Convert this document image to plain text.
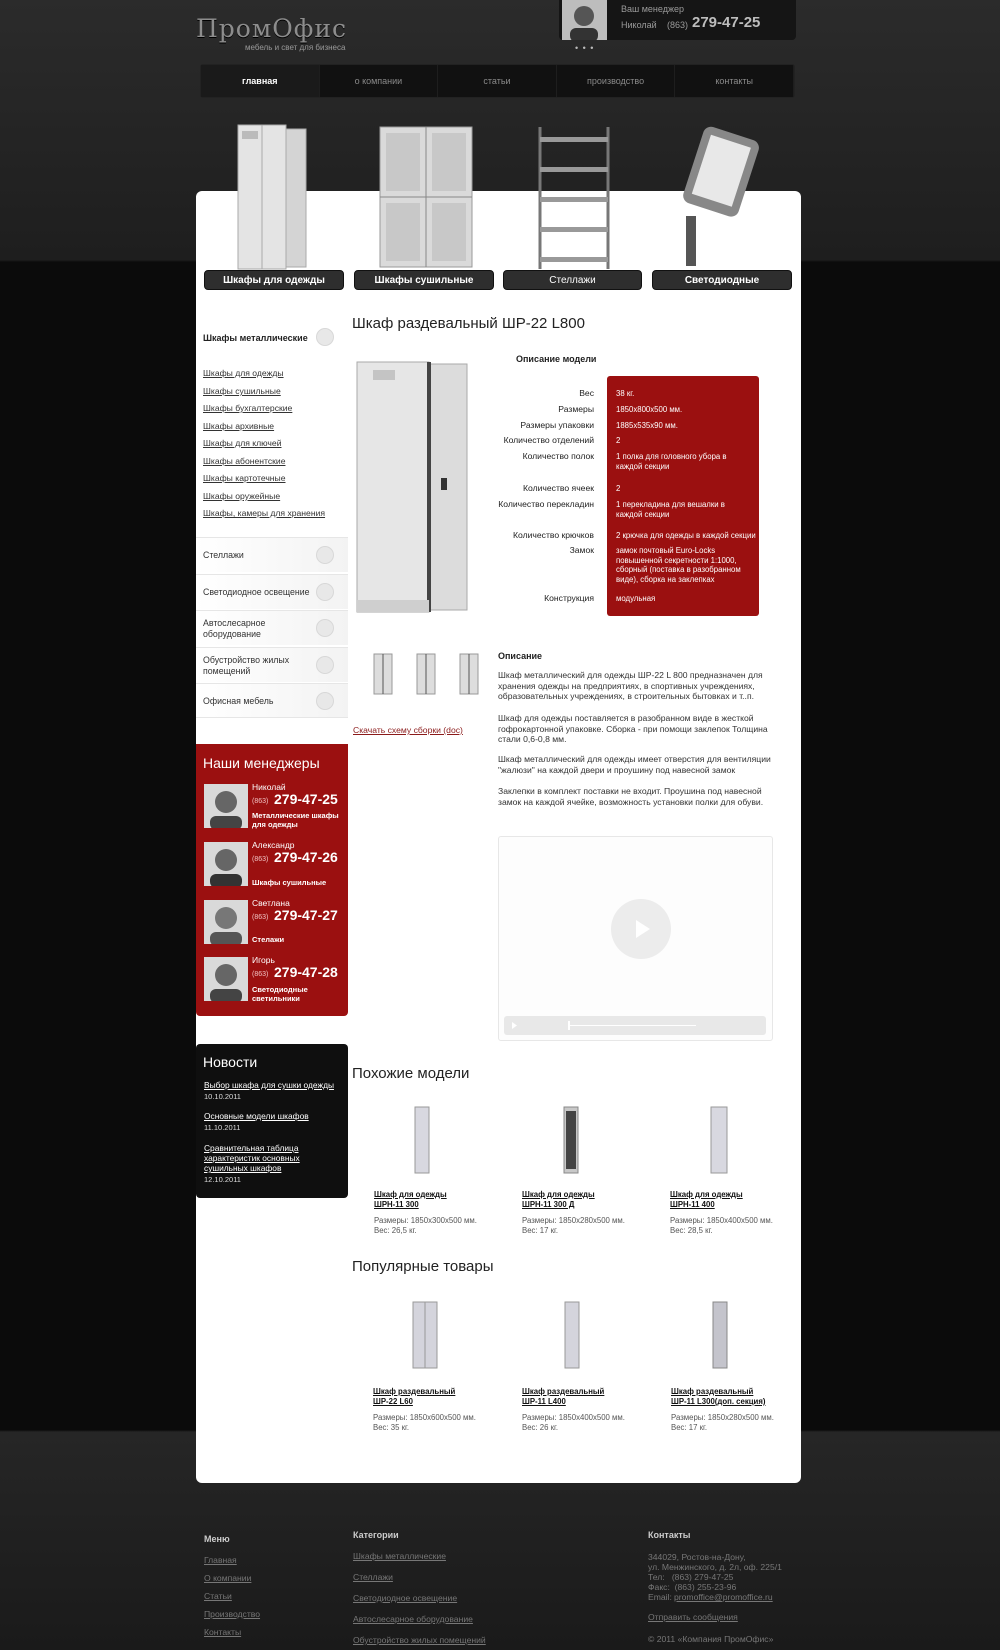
ПромОфис
мебель и свет для бизнеса	• • •
Ваш менеджер
Николай (863) 279-47-25
главная	о компании	статьи	производство	контакты
Шкафы для одежды	Шкафы сушильные	Стеллажи	Светодиодные светильники
Шкафы металлические
Шкафы для одежды
Шкафы сушильные
Шкафы бухгалтерские
Шкафы архивные
Шкафы для ключей
Шкафы абонентские
Шкафы картотечные
Шкафы оружейные
Шкафы, камеры для хранения
Стеллажи
Светодиодное освещение
Автослесарное оборудование
Обустройство жилых помещений
Офисная мебель
Наши менеджеры
Николай
(863) 279-47-25
Металлические шкафы для одежды
Александр
(863) 279-47-26
Шкафы сушильные
Светлана
(863) 279-47-27
Стелажи
Игорь
(863) 279-47-28
Светодиодные светильники
Новости
Выбор шкафа для сушки одежды
10.10.2011
Основные модели шкафов
11.10.2011
Сравнительная таблица характеристик основных сушильных шкафов
12.10.2011
Шкаф раздевальный ШР-22 L800
Описание модели
Вес	38 кг.
Размеры	1850х800х500 мм.
Размеры упаковки	1885х535х90 мм.
Количество отделений	2
Количество полок	1 полка для головного убора в каждой секции
Количество ячеек	2
Количество перекладин	1 перекладина для вешалки в каждой секции
Количество крючков	2 крючка для одежды в каждой секции
Замок	замок почтовый Euro-Locks повышенной секретности 1:1000, сборный (поставка в разобранном виде), сборка на заклепках
Конструкция	модульная
Скачать схему сборки (doc)
Описание
Шкаф металлический для одежды ШР-22 L 800 предназначен для хранения одежды на предприятиях, в спортивных учреждениях, образовательных учреждениях, в строительных бытовках и т..п.
Шкаф для одежды поставляется в разобранном виде в жесткой гофрокартонной упаковке. Сборка - при помощи заклепок Толщина стали 0,6-0,8 мм.
Шкаф металлический для одежды имеет отверстия для вентиляции "жалюзи" на каждой двери и проушину под навесной замок
Заклепки в комплект поставки не входит. Проушина под навесной замок на каждой ячейке, возможность установки полки для обуви.
Похожие модели
Шкаф для одежды ШРН-11 300
Размеры: 1850х300х500 мм.
Вес: 26,5 кг.
Шкаф для одежды ШРН-11 300 Д
Размеры: 1850х280х500 мм.
Вес: 17 кг.
Шкаф для одежды ШРН-11 400
Размеры: 1850х400х500 мм.
Вес: 28,5 кг.
Популярные товары
Шкаф раздевальный ШР-22 L60
Размеры: 1850х600х500 мм.
Вес: 35 кг.
Шкаф раздевальный ШР-11 L400
Размеры: 1850х400х500 мм.
Вес: 26 кг.
Шкаф раздевальный ШР-11 L300(доп. секция)
Размеры: 1850х280х500 мм.
Вес: 17 кг.
Меню
Главная
О компании
Статьи
Производство
Контакты
Категории
Шкафы металлические
Стеллажи
Светодиодное освещение
Автослесарное оборудование
Обустройство жилых помещений
Контакты
344029, Ростов-на-Дону,
ул. Менжинского, д. 2л, оф. 225/1
Тел:   (863) 279-47-25
Факс:  (863) 255-23-96
Email: promoffice@promoffice.ru
Отправить сообщения
© 2011 «Компания ПромОфис»
